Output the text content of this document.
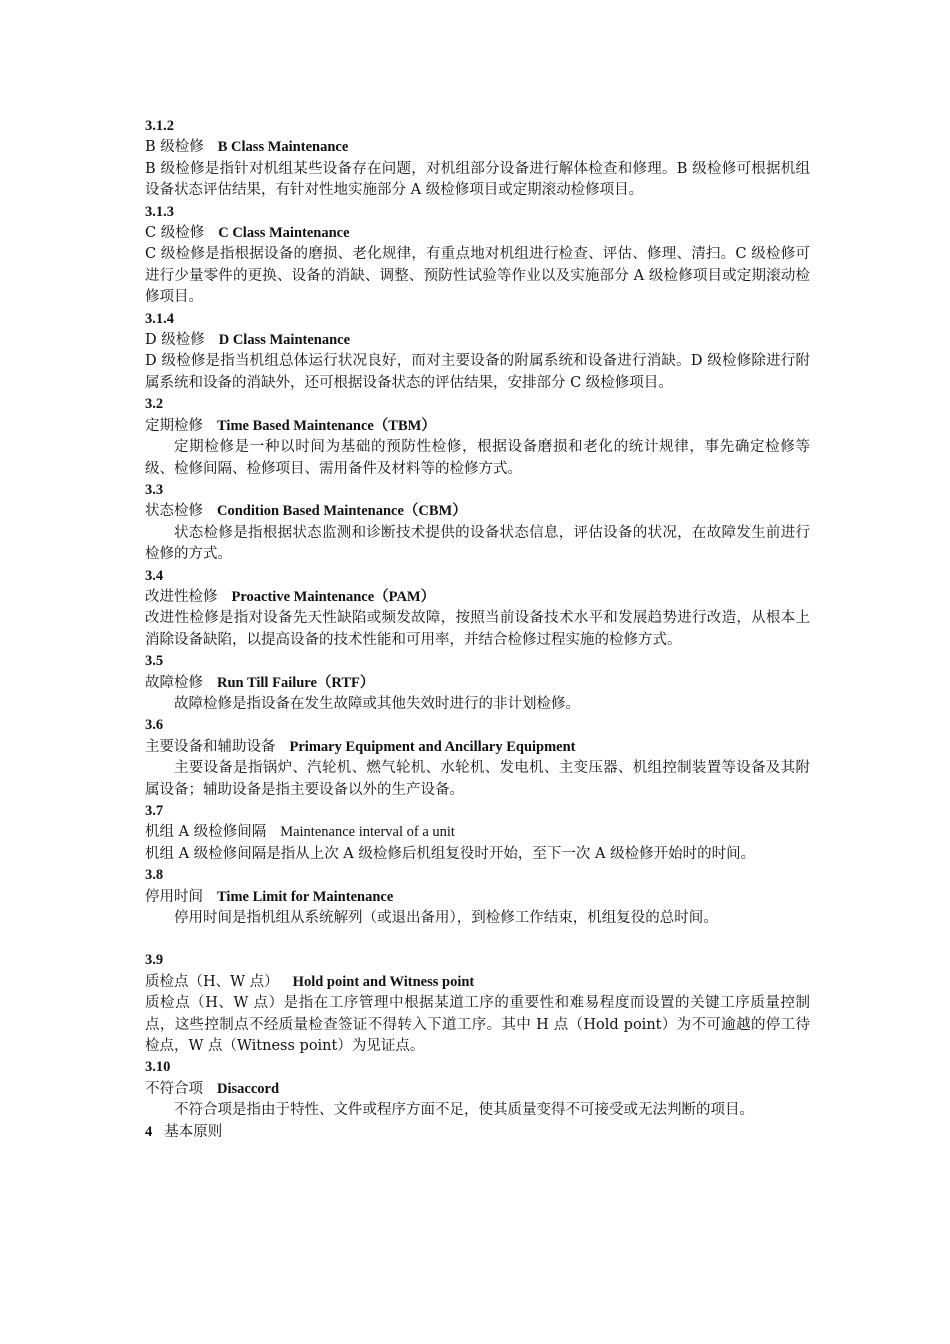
3.1.2
B 级检修 B Class Maintenance
B 级检修是指针对机组某些设备存在问题，对机组部分设备进行解体检查和修理。B 级检修可根据机组设备状态评估结果，有针对性地实施部分 A 级检修项目或定期滚动检修项目。
3.1.3
C 级检修 C Class Maintenance
C 级检修是指根据设备的磨损、老化规律，有重点地对机组进行检查、评估、修理、清扫。C 级检修可进行少量零件的更换、设备的消缺、调整、预防性试验等作业以及实施部分 A 级检修项目或定期滚动检修项目。
3.1.4
D 级检修 D Class Maintenance
D 级检修是指当机组总体运行状况良好，而对主要设备的附属系统和设备进行消缺。D 级检修除进行附属系统和设备的消缺外，还可根据设备状态的评估结果，安排部分 C 级检修项目。
3.2
定期检修 Time Based Maintenance（TBM）
定期检修是一种以时间为基础的预防性检修，根据设备磨损和老化的统计规律，事先确定检修等级、检修间隔、检修项目、需用备件及材料等的检修方式。
3.3
状态检修 Condition Based Maintenance（CBM）
状态检修是指根据状态监测和诊断技术提供的设备状态信息，评估设备的状况，在故障发生前进行检修的方式。
3.4
改进性检修 Proactive Maintenance（PAM）
改进性检修是指对设备先天性缺陷或频发故障，按照当前设备技术水平和发展趋势进行改造，从根本上消除设备缺陷，以提高设备的技术性能和可用率，并结合检修过程实施的检修方式。
3.5
故障检修 Run Till Failure（RTF）
故障检修是指设备在发生故障或其他失效时进行的非计划检修。
3.6
主要设备和辅助设备 Primary Equipment and Ancillary Equipment
主要设备是指锅炉、汽轮机、燃气轮机、水轮机、发电机、主变压器、机组控制装置等设备及其附属设备；辅助设备是指主要设备以外的生产设备。
3.7
机组 A 级检修间隔 Maintenance interval of a unit
机组 A 级检修间隔是指从上次 A 级检修后机组复役时开始，至下一次 A 级检修开始时的时间。
3.8
停用时间 Time Limit for Maintenance
停用时间是指机组从系统解列（或退出备用），到检修工作结束，机组复役的总时间。
3.9
质检点（H、W 点） Hold point and Witness point
质检点（H、W 点）是指在工序管理中根据某道工序的重要性和难易程度而设置的关键工序质量控制点，这些控制点不经质量检查签证不得转入下道工序。其中 H 点（Hold point）为不可逾越的停工待检点，W 点（Witness point）为见证点。
3.10
不符合项 Disaccord
不符合项是指由于特性、文件或程序方面不足，使其质量变得不可接受或无法判断的项目。
4 基本原则
